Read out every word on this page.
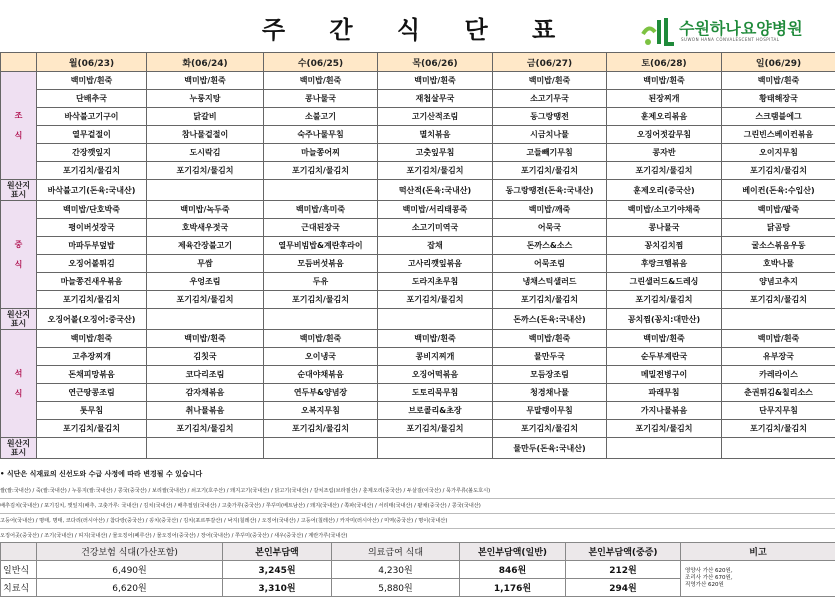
주 간 식 단 표	수원하나요양병원
SUWON HANA CONVALESCENT HOSPITAL
	월(06/23)	화(06/24)	수(06/25)	목(06/26)	금(06/27)	토(06/28)	일(06/29)
조

식	백미밥/흰죽	백미밥/흰죽	백미밥/흰죽	백미밥/흰죽	백미밥/흰죽	백미밥/흰죽	백미밥/흰죽
	단배추국	누룽지탕	콩나물국	재첩살무국	소고기무국	된장찌개	황태해장국
	바삭불고기구이	닭갈비	소불고기	고기산적조림	동그랑땡전	훈제오리볶음	스크램블에그
	열무겉절이	참나물겉절이	숙주나물무침	멸치볶음	시금치나물	오징어젓갈무침	그린빈스베이컨볶음
	간장깻잎지	도시락김	마늘쫑어찌	고춧잎무침	고들빼기무침	콩자반	오이지무침
	포기김치/물김치	포기김치/물김치	포기김치/물김치	포기김치/물김치	포기김치/물김치	포기김치/물김치	포기김치/물김치
원산지
표시	바삭불고기(돈육:국내산)			떡산적(돈육:국내산)	동그랑땡전(돈육:국내산)	훈제오리(중국산)	베이컨(돈육:수입산)
중

식	백미밥/단호박죽	백미밥/녹두죽	백미밥/흑미죽	백미밥/서리태콩죽	백미밥/깨죽	백미밥/소고기야채죽	백미밥/팥죽
	평이버섯장국	호박새우젓국	근대된장국	소고기미역국	어묵국	콩나물국	닭곰탕
	마파두부덮밥	제육간장불고기	열무비빔밥&계란후라이	잡채	돈까스&소스	꽁치김치찜	굴소스볶음우동
	오징어볼튀김	무쌈	모듬버섯볶음	고사리깻잎볶음	어묵조림	후랑크햄볶음	호박나물
	마늘쫑건새우볶음	우엉조림	두유	도라지초무침	냉채스틱샐러드	그린샐러드&드레싱	양념고추지
	포기김치/물김치	포기김치/물김치	포기김치/물김치	포기김치/물김치	포기김치/물김치	포기김치/물김치	포기김치/물김치
원산지
표시	오징어볼(오징어:중국산)				돈까스(돈육:국내산)	꽁치찜(꽁치:대만산)	
석

식	백미밥/흰죽	백미밥/흰죽	백미밥/흰죽	백미밥/흰죽	백미밥/흰죽	백미밥/흰죽	백미밥/흰죽
	고추장찌개	김칫국	오이냉국	콩비지찌개	물만두국	순두부계란국	유부장국
	돈채피망볶음	코다리조림	순대야채볶음	오징어떡볶음	모듬장조림	메밀전병구이	카레라이스
	연근땅콩조림	감자채볶음	연두부&양념장	도토리묵무침	청경채나물	파래무침	춘권튀김&칠리소스
	톳무침	취나물볶음	오복지무침	브로콜리&초장	무말랭이무침	가지나물볶음	단무지무침
	포기김치/물김치	포기김치/물김치	포기김치/물김치	포기김치/물김치	포기김치/물김치	포기김치/물김치	포기김치/물김치
원산지
표시					물만두(돈육:국내산)		
• 식단은 식재료의 신선도와 수급 사정에 따라 변경될 수 있습니다
쌀(쌀:국내산) / 죽(쌀:국내산) / 누룽지(쌀:국내산) / 콩국(중국산) / 보리쌀(국내산) / 쇠고기(호주산) / 돼지고기(국내산) / 닭고기(국내산) / 갈치조림(브라질산) / 훈제오리(중국산) / 두살걸(이국산) / 묵가루류(볼도호시)
배추김치(국내산) / 포기김치, 깻잎지(배추, 고춧가루: 국내산) / 김치(국내산) / 배추절임(국내산) / 고춧가루(중국산) / 쭈꾸미(베트남산) / 돼지(국내산) / 쪽파(국내산) / 서리태(국내산) / 팥채(중국산) / 콩국(국내산)
고등어(국내산) / 명태, 명태, 코다리(러시아산) / 참다랑(중국산) / 꽁치(중국산) / 김치(포르투갈산) / 낙지(칠레산) / 오징어(국내산) / 고등어(칠레산) / 카자미(러시아산) / 미역(중국산) / 명이(국내산)
오징어곳(중국산) / 조기(국내산) / 띠지(국내산) / 물오징어(페루산) / 물오징어(중국산) / 장어(국내산) / 쭈꾸미(중국산) / 새우(중국산) / 계란가루(국내산)
	건강보험 식대(가산포함)	본인부담액	의료급여 식대	본인부담액(일반)	본인부담액(중증)	비고
일반식	6,490원	3,245원	4,230원	846원	212원	영양사 가산 620원,
조리사 가산 670원,
직영가산 620원

치료식	6,620원	3,310원	5,880원	1,176원	294원	
